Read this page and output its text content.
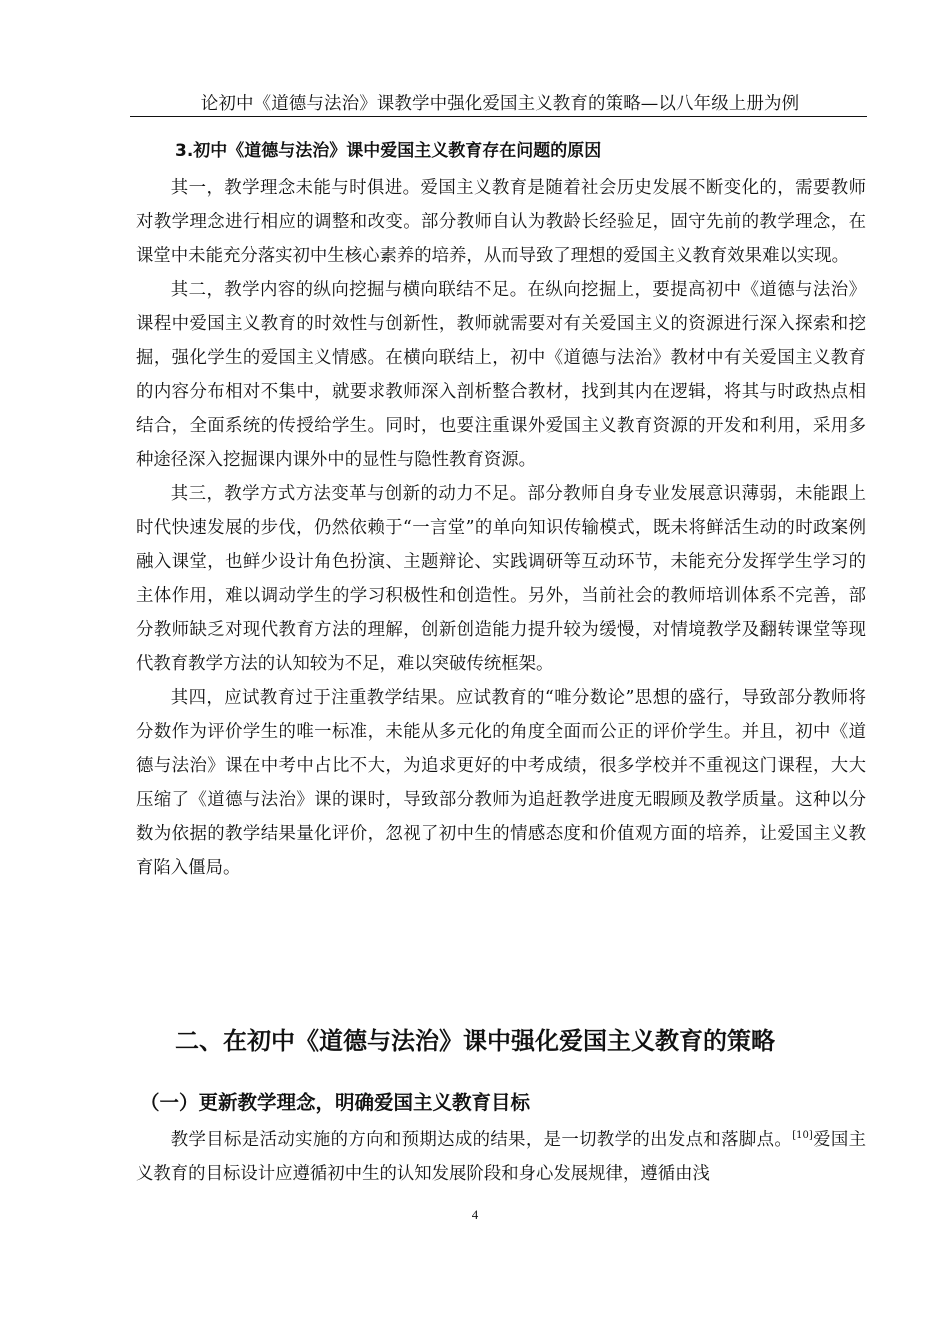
论初中《道德与法治》课教学中强化爱国主义教育的策略—以八年级上册为例
3.初中《道德与法治》课中爱国主义教育存在问题的原因

其一，教学理念未能与时俱进。爱国主义教育是随着社会历史发展不断变化的，需要教师对教学理念进行相应的调整和改变。部分教师自认为教龄长经验足，固守先前的教学理念，在课堂中未能充分落实初中生核心素养的培养，从而导致了理想的爱国主义教育效果难以实现。

其二，教学内容的纵向挖掘与横向联结不足。在纵向挖掘上，要提高初中《道德与法治》课程中爱国主义教育的时效性与创新性，教师就需要对有关爱国主义的资源进行深入探索和挖掘，强化学生的爱国主义情感。在横向联结上，初中《道德与法治》教材中有关爱国主义教育的内容分布相对不集中，就要求教师深入剖析整合教材，找到其内在逻辑，将其与时政热点相结合，全面系统的传授给学生。同时，也要注重课外爱国主义教育资源的开发和利用，采用多种途径深入挖掘课内课外中的显性与隐性教育资源。

其三，教学方式方法变革与创新的动力不足。部分教师自身专业发展意识薄弱，未能跟上时代快速发展的步伐，仍然依赖于“一言堂”的单向知识传输模式，既未将鲜活生动的时政案例融入课堂，也鲜少设计角色扮演、主题辩论、实践调研等互动环节，未能充分发挥学生学习的主体作用，难以调动学生的学习积极性和创造性。另外，当前社会的教师培训体系不完善，部分教师缺乏对现代教育方法的理解，创新创造能力提升较为缓慢，对情境教学及翻转课堂等现代教育教学方法的认知较为不足，难以突破传统框架。

其四，应试教育过于注重教学结果。应试教育的“唯分数论”思想的盛行，导致部分教师将分数作为评价学生的唯一标准，未能从多元化的角度全面而公正的评价学生。并且，初中《道德与法治》课在中考中占比不大，为追求更好的中考成绩，很多学校并不重视这门课程，大大压缩了《道德与法治》课的课时，导致部分教师为追赶教学进度无暇顾及教学质量。这种以分数为依据的教学结果量化评价，忽视了初中生的情感态度和价值观方面的培养，让爱国主义教育陷入僵局。

二、在初中《道德与法治》课中强化爱国主义教育的策略
（一）更新教学理念，明确爱国主义教育目标

教学目标是活动实施的方向和预期达成的结果，是一切教学的出发点和落脚点。[10]爱国主义教育的目标设计应遵循初中生的认知发展阶段和身心发展规律，遵循由浅

4
